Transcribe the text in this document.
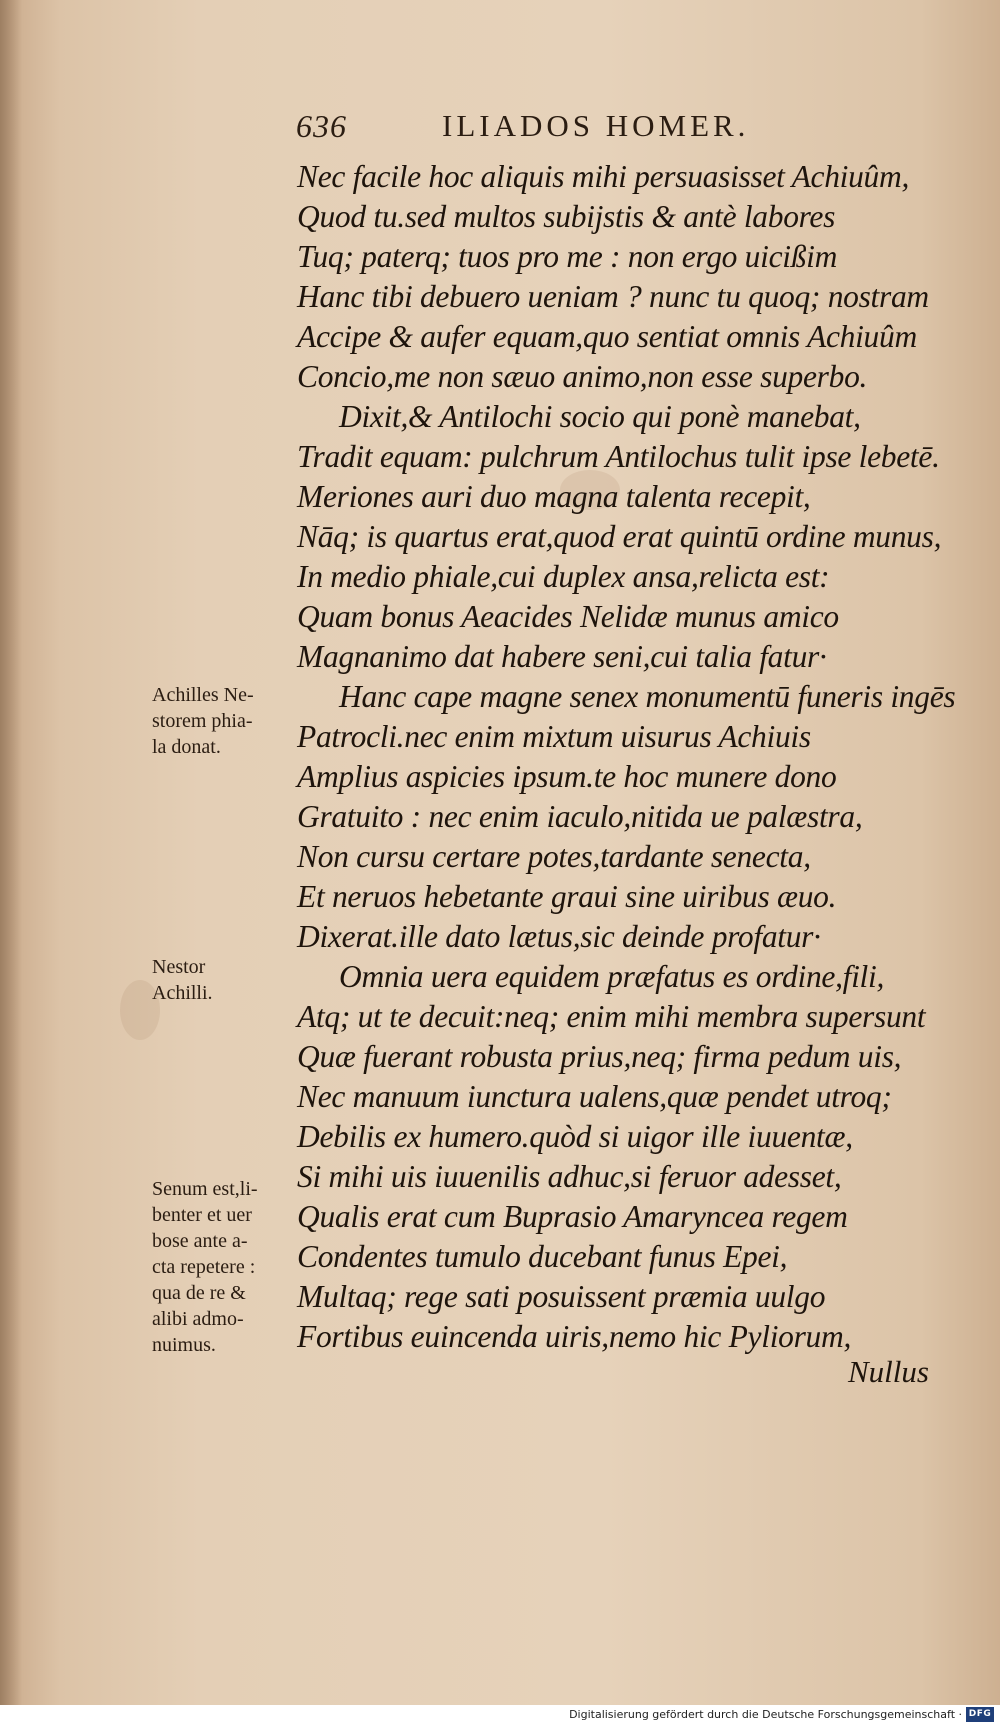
636	ILIADOS HOMER.
Nec facile hoc aliquis mihi persuasisset Achiuûm,
Quod tu.sed multos subijstis & antè labores
Tuq; paterq; tuos pro me : non ergo uicißim
Hanc tibi debuero ueniam ? nunc tu quoq; nostram
Accipe & aufer equam,quo sentiat omnis Achiuûm
Concio,me non sæuo animo,non esse superbo.
Dixit,& Antilochi socio qui ponè manebat,
Tradit equam: pulchrum Antilochus tulit ipse lebetē.
Meriones auri duo magna talenta recepit,
Nāq; is quartus erat,quod erat quintū ordine munus,
In medio phiale,cui duplex ansa,relicta est:
Quam bonus Aeacides Nelidæ munus amico
Magnanimo dat habere seni,cui talia fatur·
Hanc cape magne senex monumentū funeris ingēs
Patrocli.nec enim mixtum uisurus Achiuis
Amplius aspicies ipsum.te hoc munere dono
Gratuito : nec enim iaculo,nitida ue palæstra,
Non cursu certare potes,tardante senecta,
Et neruos hebetante graui sine uiribus æuo.
Dixerat.ille dato lætus,sic deinde profatur·
Omnia uera equidem præfatus es ordine,fili,
Atq; ut te decuit:neq; enim mihi membra supersunt
Quæ fuerant robusta prius,neq; firma pedum uis,
Nec manuum iunctura ualens,quæ pendet utroq;
Debilis ex humero.quòd si uigor ille iuuentæ,
Si mihi uis iuuenilis adhuc,si feruor adesset,
Qualis erat cum Buprasio Amaryncea regem
Condentes tumulo ducebant funus Epei,
Multaq; rege sati posuissent præmia uulgo
Fortibus euincenda uiris,nemo hic Pyliorum,
Nullus
Achilles Ne-
storem phia-
la donat.
Nestor
Achilli.
Senum est,li-
benter et uer
bose ante a-
cta repetere :
qua de re &
alibi admo-
nuimus.
Digitalisierung gefördert durch die Deutsche Forschungsgemeinschaft · DFG
